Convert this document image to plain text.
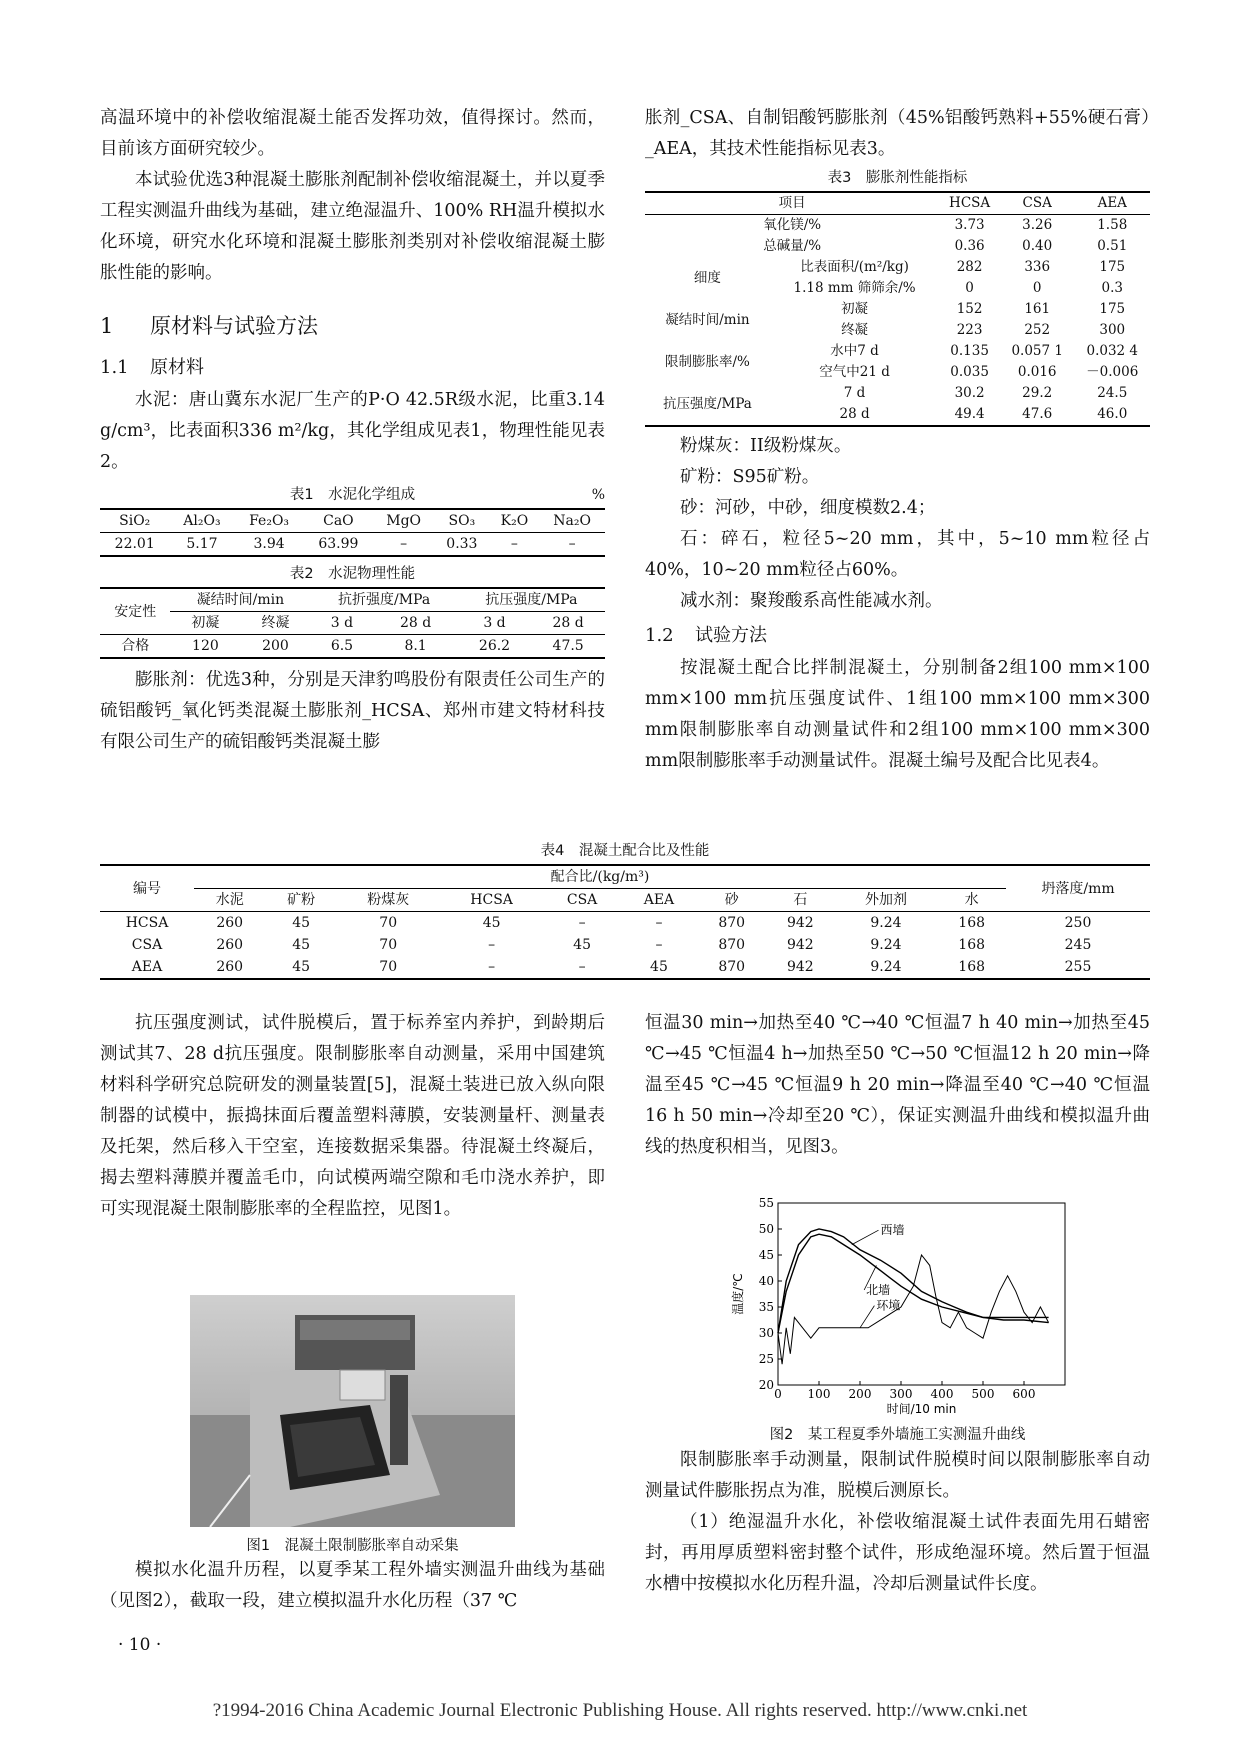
高温环境中的补偿收缩混凝土能否发挥功效，值得探讨。然而，目前该方面研究较少。

本试验优选3种混凝土膨胀剂配制补偿收缩混凝土，并以夏季工程实测温升曲线为基础，建立绝湿温升、100% RH温升模拟水化环境，研究水化环境和混凝土膨胀剂类别对补偿收缩混凝土膨胀性能的影响。

1 原材料与试验方法
1.1 原材料

水泥：唐山冀东水泥厂生产的P·O 42.5R级水泥，比重3.14 g/cm³，比表面积336 m²/kg，其化学组成见表1，物理性能见表2。

表1　水泥化学组成	%
SiO₂	Al₂O₃	Fe₂O₃	CaO	MgO	SO₃	K₂O	Na₂O
22.01	5.17	3.94	63.99	–	0.33	–	–
表2　水泥物理性能
安定性	凝结时间/min		抗折强度/MPa		抗压强度/MPa	
	初凝	终凝	3 d	28 d	3 d	28 d

合格	120	200	6.5	8.1	26.2	47.5

膨胀剂：优选3种，分别是天津豹鸣股份有限责任公司生产的硫铝酸钙_氧化钙类混凝土膨胀剂_HCSA、郑州市建文特材科技有限公司生产的硫铝酸钙类混凝土膨

胀剂_CSA、自制铝酸钙膨胀剂（45%铝酸钙熟料+55%硬石膏）_AEA，其技术性能指标见表3。

表3　膨胀剂性能指标
项目		HCSA	CSA	AEA
氧化镁/%		3.73	3.26	1.58
总碱量/%		0.36	0.40	0.51
细度	比表面积/(m²/kg)	282	336	175
	1.18 mm 筛筛余/%	0	0	0.3
凝结时间/min	初凝	152	161	175
	终凝	223	252	300
限制膨胀率/%	水中7 d	0.135	0.057 1	0.032 4
	空气中21 d	0.035	0.016	－0.006
抗压强度/MPa	7 d	30.2	29.2	24.5
	28 d	49.4	47.6	46.0

粉煤灰：II级粉煤灰。

矿粉：S95矿粉。

砂：河砂，中砂，细度模数2.4；

石：碎石，粒径5~20 mm，其中，5~10 mm粒径占40%，10~20 mm粒径占60%。

减水剂：聚羧酸系高性能减水剂。

1.2 试验方法

按混凝土配合比拌制混凝土，分别制备2组100 mm×100 mm×100 mm抗压强度试件、1组100 mm×100 mm×300 mm限制膨胀率自动测量试件和2组100 mm×100 mm×300 mm限制膨胀率手动测量试件。混凝土编号及配合比见表4。

表4　混凝土配合比及性能
编号	配合比/(kg/m³)										坍落度/mm
	水泥	矿粉	粉煤灰	HCSA	CSA	AEA	砂	石	外加剂	水	
HCSA	260	45	70	45	–	–	870	942	9.24	168	250
CSA	260	45	70	–	45	–	870	942	9.24	168	245
AEA	260	45	70	–	–	45	870	942	9.24	168	255

抗压强度测试，试件脱模后，置于标养室内养护，到龄期后测试其7、28 d抗压强度。限制膨胀率自动测量，采用中国建筑材料科学研究总院研发的测量装置[5]，混凝土装进已放入纵向限制器的试模中，振捣抹面后覆盖塑料薄膜，安装测量杆、测量表及托架，然后移入干空室，连接数据采集器。待混凝土终凝后，揭去塑料薄膜并覆盖毛巾，向试模两端空隙和毛巾浇水养护，即可实现混凝土限制膨胀率的全程监控，见图1。

图1　混凝土限制膨胀率自动采集

模拟水化温升历程，以夏季某工程外墙实测温升曲线为基础（见图2），截取一段，建立模拟温升水化历程（37 ℃

恒温30 min→加热至40 ℃→40 ℃恒温7 h 40 min→加热至45 ℃→45 ℃恒温4 h→加热至50 ℃→50 ℃恒温12 h 20 min→降温至45 ℃→45 ℃恒温9 h 20 min→降温至40 ℃→40 ℃恒温16 h 50 min→冷却至20 ℃），保证实测温升曲线和模拟温升曲线的热度积相当，见图3。

20
25
30
35
40
45
50
55
0 100 200 300 400 500 600
时间/10 min
温度/℃
西墙
北墙
环境
图2　某工程夏季外墙施工实测温升曲线

限制膨胀率手动测量，限制试件脱模时间以限制膨胀率自动测量试件膨胀拐点为准，脱模后测原长。

（1）绝湿温升水化，补偿收缩混凝土试件表面先用石蜡密封，再用厚质塑料密封整个试件，形成绝湿环境。然后置于恒温水槽中按模拟水化历程升温，冷却后测量试件长度。

· 10 ·
?1994-2016 China Academic Journal Electronic Publishing House. All rights reserved. http://www.cnki.net
